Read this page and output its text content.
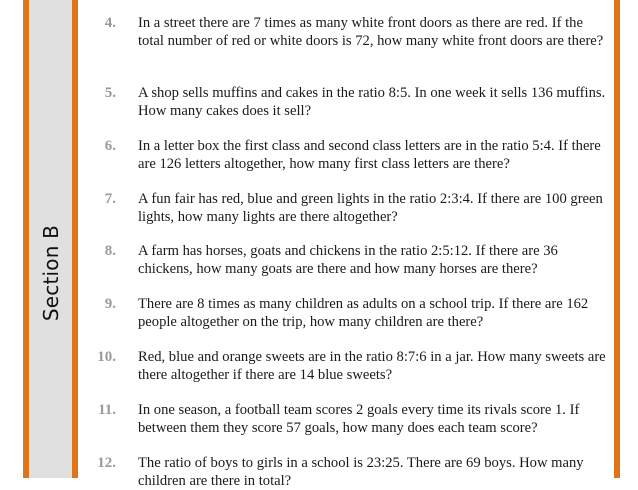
Section B
4. In a street there are 7 times as many white front doors as there are red. If the total number of red or white doors is 72, how many white front doors are there?
5. A shop sells muffins and cakes in the ratio 8:5. In one week it sells 136 muffins. How many cakes does it sell?
6. In a letter box the first class and second class letters are in the ratio 5:4. If there are 126 letters altogether, how many first class letters are there?
7. A fun fair has red, blue and green lights in the ratio 2:3:4. If there are 100 green lights, how many lights are there altogether?
8. A farm has horses, goats and chickens in the ratio 2:5:12. If there are 36 chickens, how many goats are there and how many horses are there?
9. There are 8 times as many children as adults on a school trip. If there are 162 people altogether on the trip, how many children are there?
10. Red, blue and orange sweets are in the ratio 8:7:6 in a jar. How many sweets are there altogether if there are 14 blue sweets?
11. In one season, a football team scores 2 goals every time its rivals score 1. If between them they score 57 goals, how many does each team score?
12. The ratio of boys to girls in a school is 23:25. There are 69 boys. How many children are there in total?
